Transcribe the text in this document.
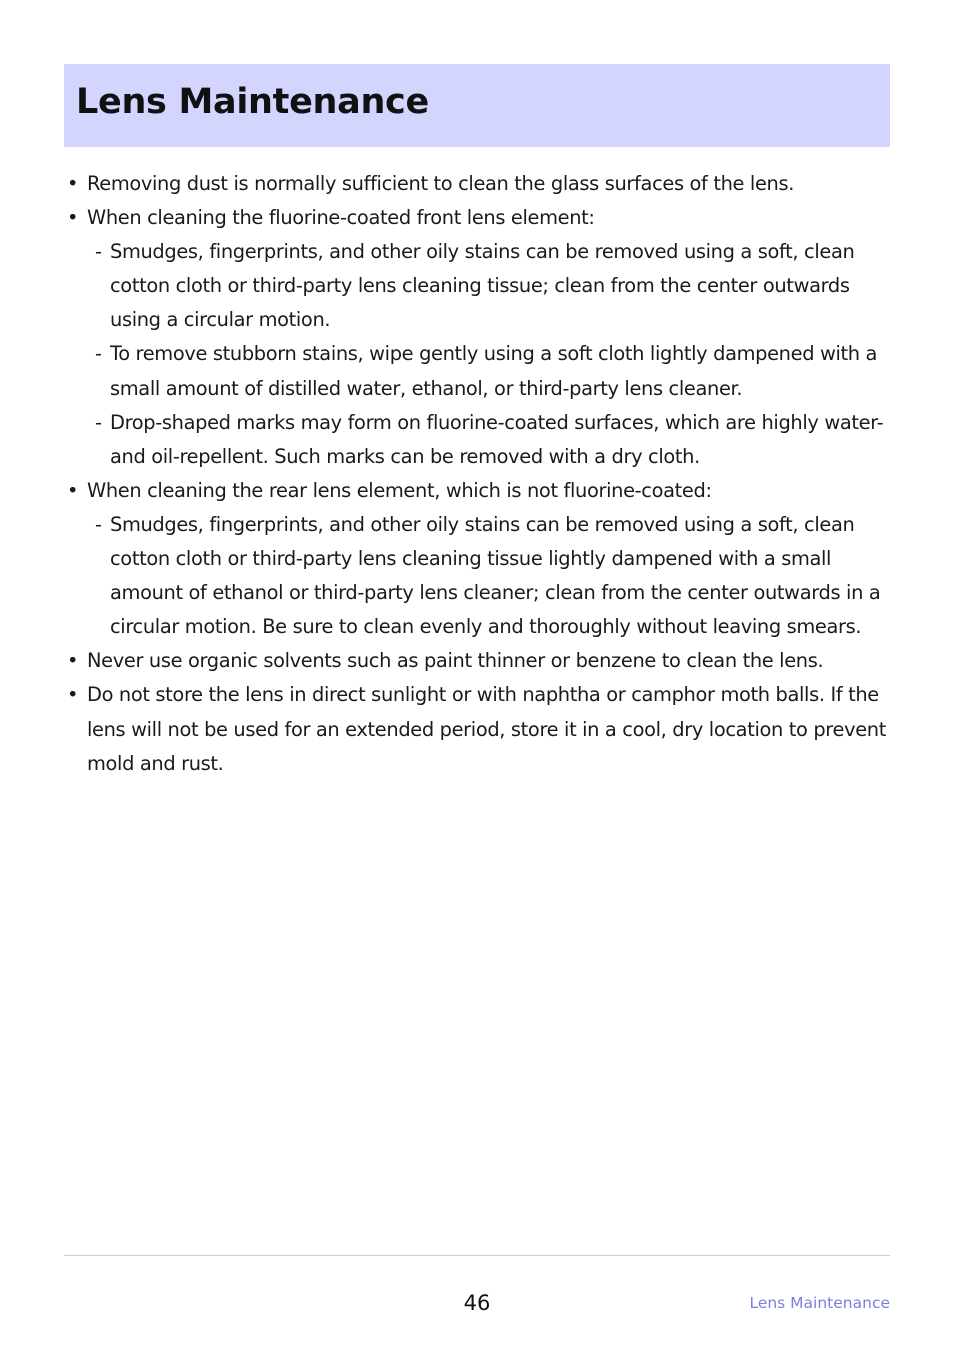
Lens Maintenance
• Removing dust is normally sufficient to clean the glass surfaces of the lens.
• When cleaning the fluorine-coated front lens element:
- Smudges, fingerprints, and other oily stains can be removed using a soft, clean cotton cloth or third-party lens cleaning tissue; clean from the center outwards using a circular motion.
- To remove stubborn stains, wipe gently using a soft cloth lightly dampened with a small amount of distilled water, ethanol, or third-party lens cleaner.
- Drop-shaped marks may form on fluorine-coated surfaces, which are highly water- and oil-repellent. Such marks can be removed with a dry cloth.
• When cleaning the rear lens element, which is not fluorine-coated:
- Smudges, fingerprints, and other oily stains can be removed using a soft, clean cotton cloth or third-party lens cleaning tissue lightly dampened with a small amount of ethanol or third-party lens cleaner; clean from the center outwards in a circular motion. Be sure to clean evenly and thoroughly without leaving smears.
• Never use organic solvents such as paint thinner or benzene to clean the lens.
• Do not store the lens in direct sunlight or with naphtha or camphor moth balls. If the lens will not be used for an extended period, store it in a cool, dry location to prevent mold and rust.
46	Lens Maintenance
